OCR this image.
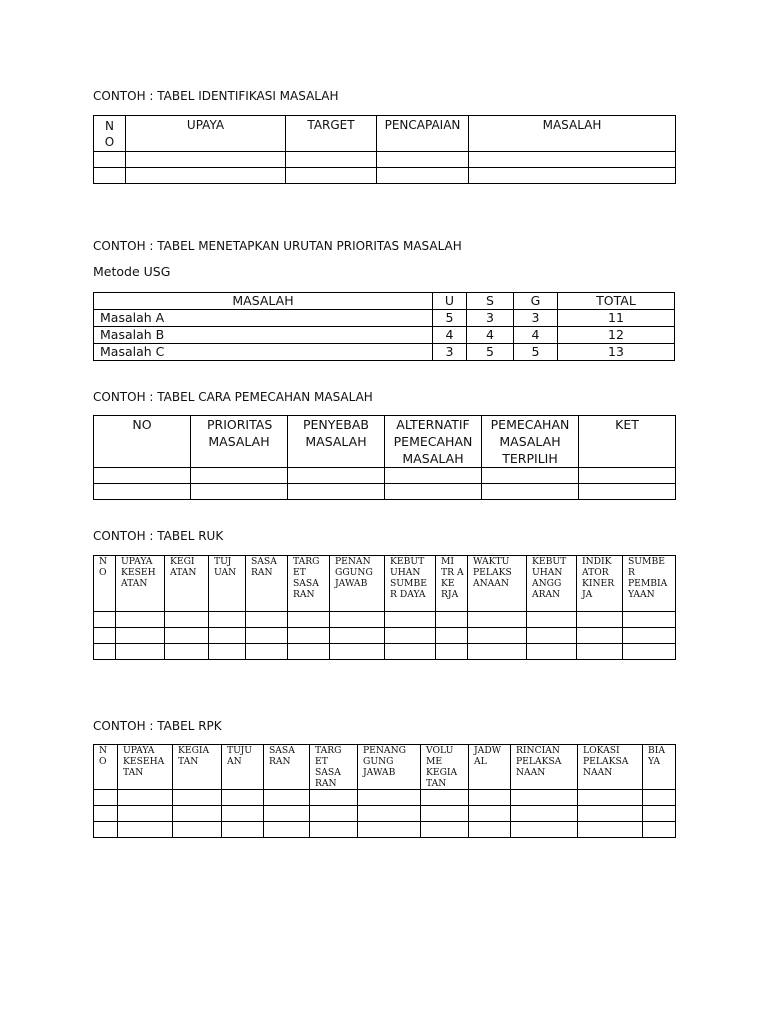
CONTOH : TABEL IDENTIFIKASI MASALAH
N O	UPAYA	TARGET	PENCAPAIAN	MASALAH

CONTOH : TABEL MENETAPKAN URUTAN PRIORITAS MASALAH
Metode USG
MASALAH	U	S	G	TOTAL
Masalah A	5	3	3	11
Masalah B	4	4	4	12
Masalah C	3	5	5	13
CONTOH : TABEL CARA PEMECAHAN MASALAH
NO	PRIORITAS MASALAH	PENYEBAB MASALAH	ALTERNATIF PEMECAHAN MASALAH	PEMECAHAN MASALAH TERPILIH	KET

CONTOH : TABEL RUK
N O	UPAYA KESEH ATAN	KEGI ATAN	TUJ UAN	SASA RAN	TARG ET SASA RAN	PENAN GGUNG JAWAB	KEBUT UHAN SUMBE R DAYA	MI TR A KE RJA	WAKTU PELAKS ANAAN	KEBUT UHAN ANGG ARAN	INDIK ATOR KINER JA	SUMBE R PEMBIA YAAN

CONTOH : TABEL RPK
N O	UPAYA KESEHA TAN	KEGIA TAN	TUJU AN	SASA RAN	TARG ET SASA RAN	PENANG GUNG JAWAB	VOLU ME KEGIA TAN	JADW AL	RINCIAN PELAKSA NAAN	LOKASI PELAKSA NAAN	BIA YA
